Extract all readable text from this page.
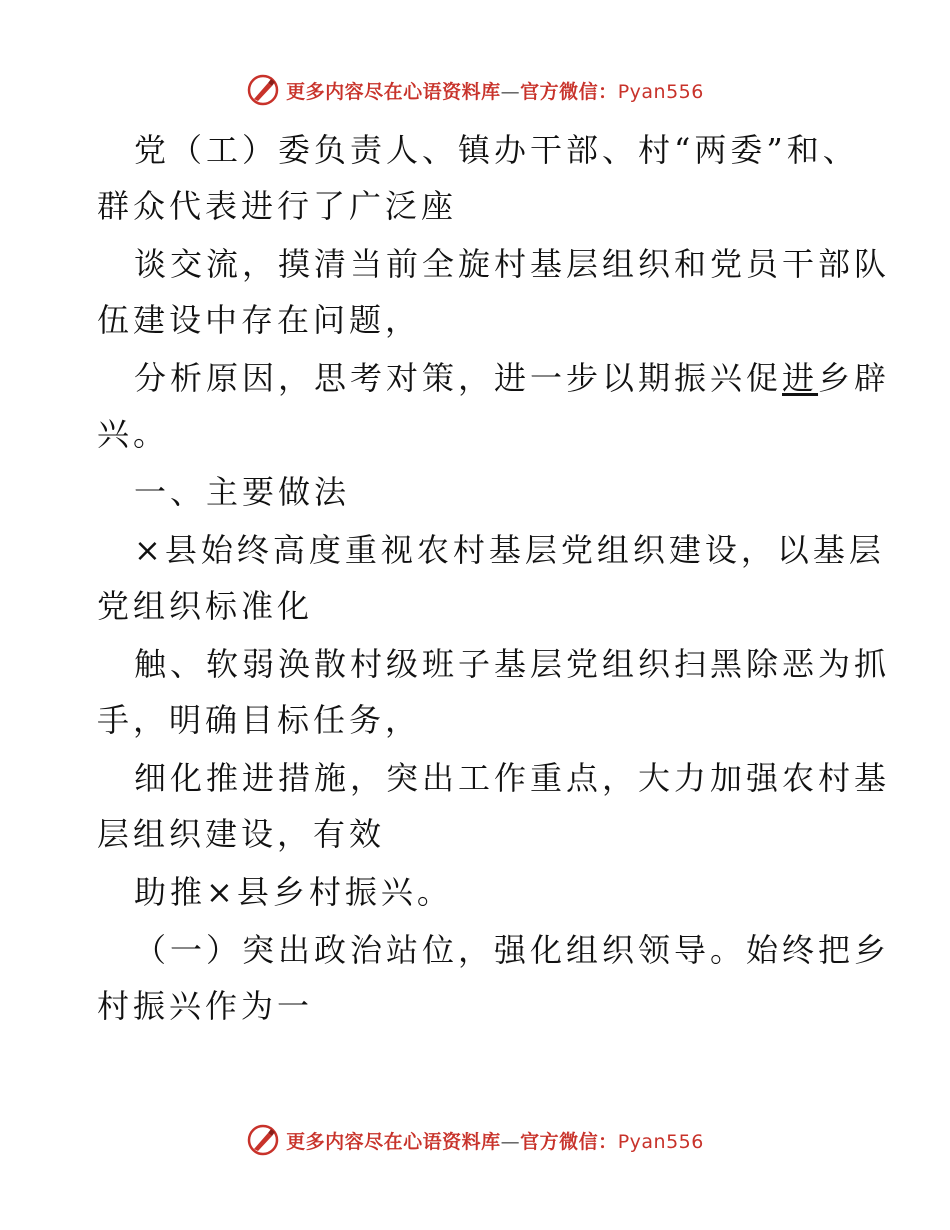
更多内容尽在心语资料库—官方微信：Pyan556
党（工）委负责人、镇办干部、村“两委”和、
群众代表进行了广泛座
谈交流，摸清当前全旋村基层组织和党员干部队
伍建设中存在问题，
分析原因，思考对策，进一步以期振兴促进乡辟
兴。
一、主要做法
×县始终高度重视农村基层党组织建设，以基层
党组织标准化
触、软弱涣散村级班子基层党组织扫黑除恶为抓
手，明确目标任务，
细化推进措施，突出工作重点，大力加强农村基
层组织建设，有效
助推×县乡村振兴。
（一）突出政治站位，强化组织领导。始终把乡
村振兴作为一
更多内容尽在心语资料库—官方微信：Pyan556
